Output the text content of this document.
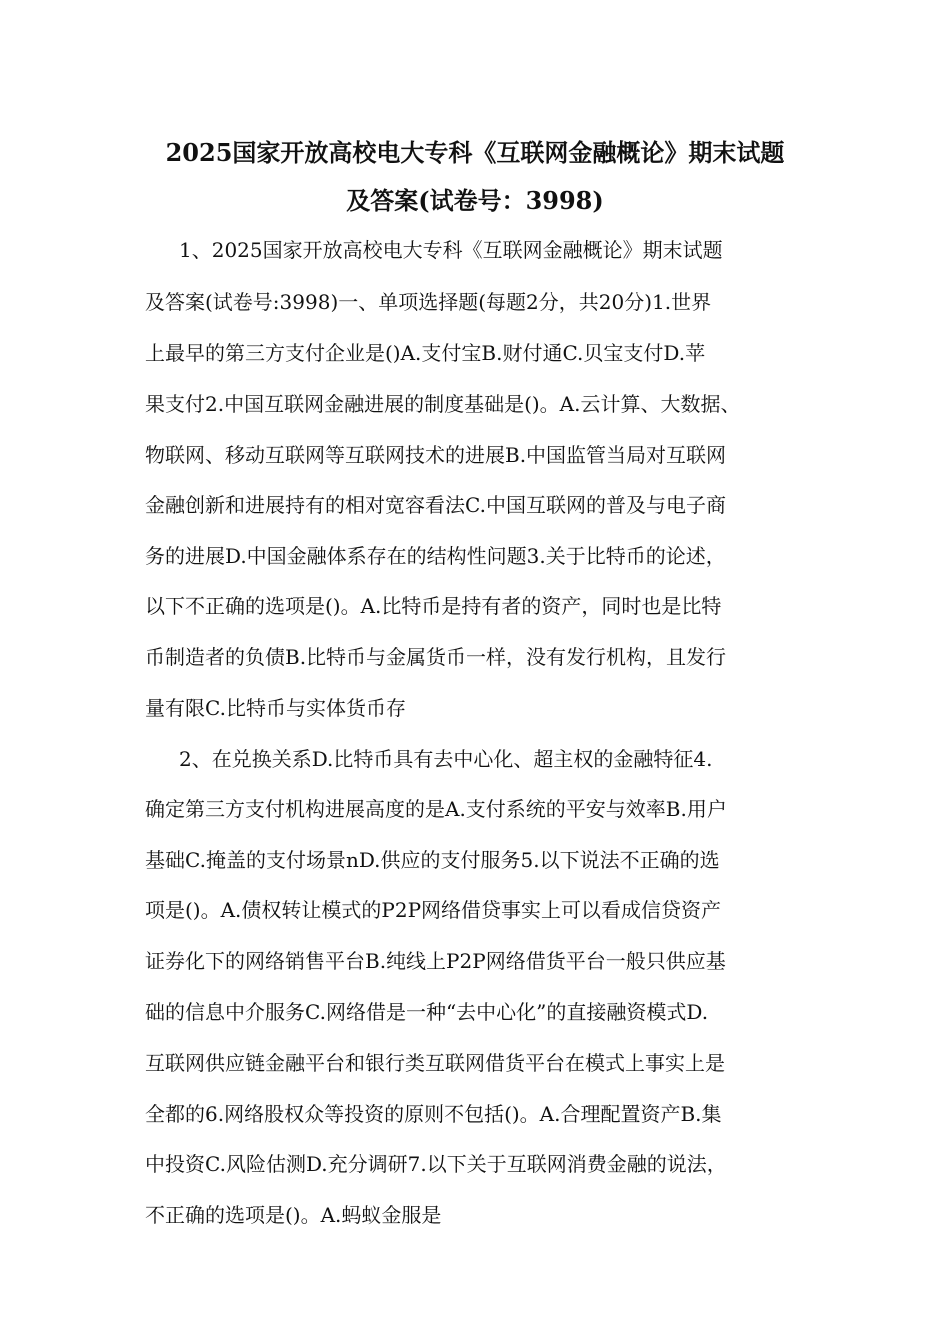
2025国家开放高校电大专科《互联网金融概论》期末试题
及答案(试卷号：3998)
1、2025国家开放高校电大专科《互联网金融概论》期末试题
及答案(试卷号:3998)一、单项选择题(每题2分，共20分)1.世界
上最早的第三方支付企业是()A.支付宝B.财付通C.贝宝支付D.苹
果支付2.中国互联网金融进展的制度基础是()。A.云计算、大数据、
物联网、移动互联网等互联网技术的进展B.中国监管当局对互联网
金融创新和进展持有的相对宽容看法C.中国互联网的普及与电子商
务的进展D.中国金融体系存在的结构性问题3.关于比特币的论述，
以下不正确的选项是()。A.比特币是持有者的资产，同时也是比特
币制造者的负债B.比特币与金属货币一样，没有发行机构，且发行
量有限C.比特币与实体货币存
2、在兑换关系D.比特币具有去中心化、超主权的金融特征4.
确定第三方支付机构进展高度的是A.支付系统的平安与效率B.用户
基础C.掩盖的支付场景nD.供应的支付服务5.以下说法不正确的选
项是()。A.债权转让模式的P2P网络借贷事实上可以看成信贷资产
证券化下的网络销售平台B.纯线上P2P网络借货平台一般只供应基
础的信息中介服务C.网络借是一种“去中心化”的直接融资模式D.
互联网供应链金融平台和银行类互联网借货平台在模式上事实上是
全都的6.网络股权众等投资的原则不包括()。A.合理配置资产B.集
中投资C.风险估测D.充分调研7.以下关于互联网消费金融的说法，
不正确的选项是()。A.蚂蚁金服是
